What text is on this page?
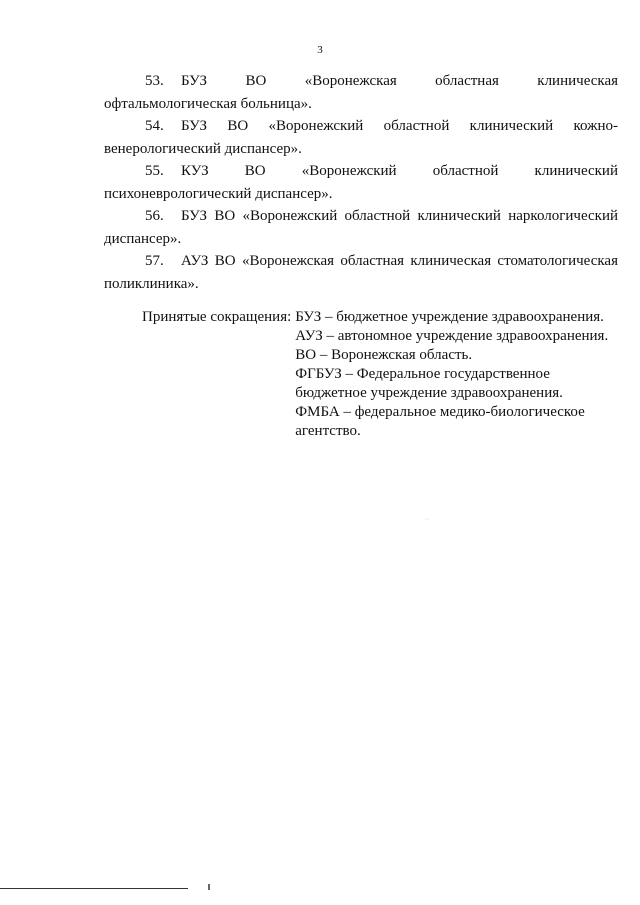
3
53. БУЗ ВО «Воронежская областная клиническая
офтальмологическая больница».
54. БУЗ ВО «Воронежский областной клинический кожно-
венерологический диспансер».
55. КУЗ ВО «Воронежский областной клинический
психоневрологический диспансер».
56. БУЗ ВО «Воронежский областной клинический наркологический
диспансер».
57. АУЗ ВО «Воронежская областная клиническая стоматологическая
поликлиника».
Принятые сокращения: БУЗ – бюджетное учреждение здравоохранения.
АУЗ – автономное учреждение здравоохранения.
ВО – Воронежская область.
ФГБУЗ – Федеральное государственное бюджетное учреждение здравоохранения.
ФМБА – федеральное медико-биологическое агентство.
··
